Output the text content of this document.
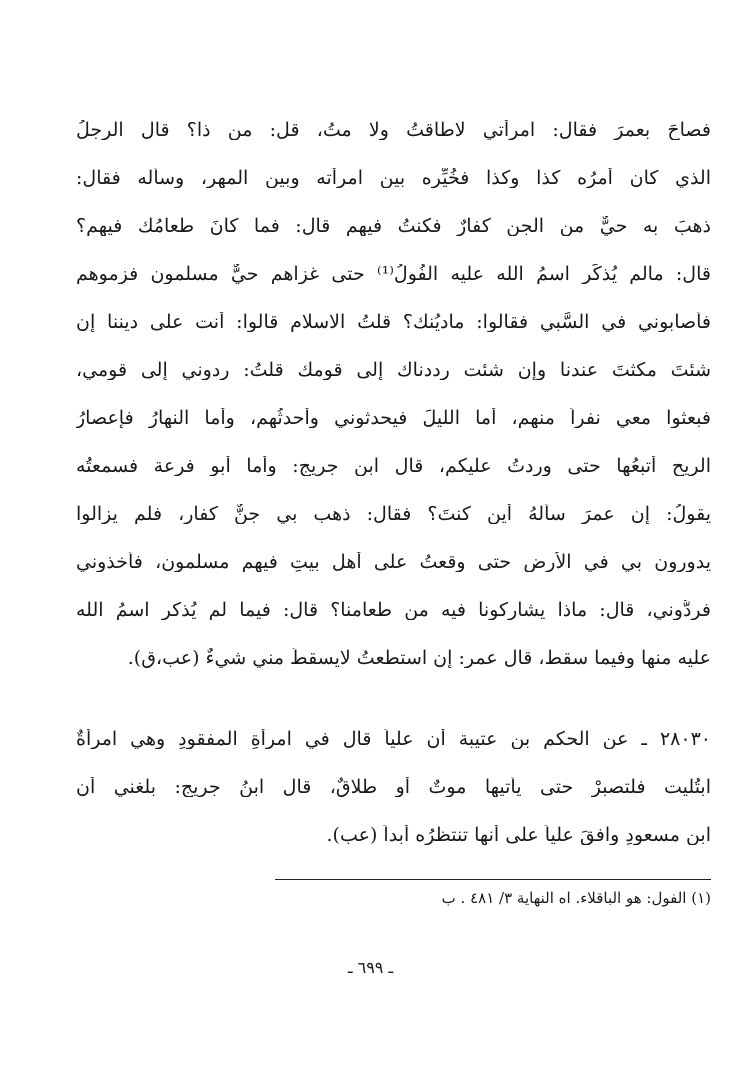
فصاحَ بعمرَ فقال: امرأتي لاطاقتُ ولا متُ، قل: من ذا؟ قال الرجلُ
الذي كان أمرُه كذا وكذا فخُيِّره بين امرأته وبين المهر، وسأله فقال:
ذهبَ به حيٌّ من الجن كفارٌ فكنتُ فيهم قال: فما كانَ طعامُك فيهم؟
قال: مالم يُذكَر اسمُ الله عليه الفُولُ⁽¹⁾ حتى غزاهم حيٌّ مسلمون فزموهم
فأصابوني في السَّبي فقالوا: ماديُنك؟ قلتُ الاسلام قالوا: أنت على ديننا إن
شئتَ مكثتَ عندنا وإن شئت رددناك إلى قومك قلتُ: ردوني إلى قومي،
فبعثوا معي نفراً منهم، أما الليلَ فيحدثوني وأحدثُهم، وأما النهارُ فإعصارُ
الريحِ أتبعُها حتى وردتُ عليكم، قال ابن جريج: وأما أبو فرعة فسمعتُه
يقولُ: إن عمرَ سألهُ أين كنتَ؟ فقال: ذهب بي جنٌّ كفار، فلم يزالوا
يدورون بي في الأرض حتى وقعتُ على أهلِ بيتٍ فيهم مسلمون، فأخذوني
فردُّوني، قال: ماذا يشاركونا فيه من طعامنا؟ قال: فيما لم يُذكرِ اسمُ الله
عليه منها وفيما سقط، قال عمر: إن استطعتُ لايسقطُ مني شيءٌ (عب،ق).
٢٨٠٣٠ ـ عن الحكم بن عتيبة أن علياً قال في امرأةِ المفقودِ وهي امرأةٌ
ابتُليت فلتصبرْ حتى يأتيها موتٌ أو طلاقٌ، قال ابنُ جريج: بلغني أن
ابن مسعودٍ وافقَ علياً على أنها تنتظرُه أبداً (عب).
(١) الفول: هو الباقلاء. اه النهاية ٣/ ٤٨١ . ب
ـ ٦٩٩ ـ
